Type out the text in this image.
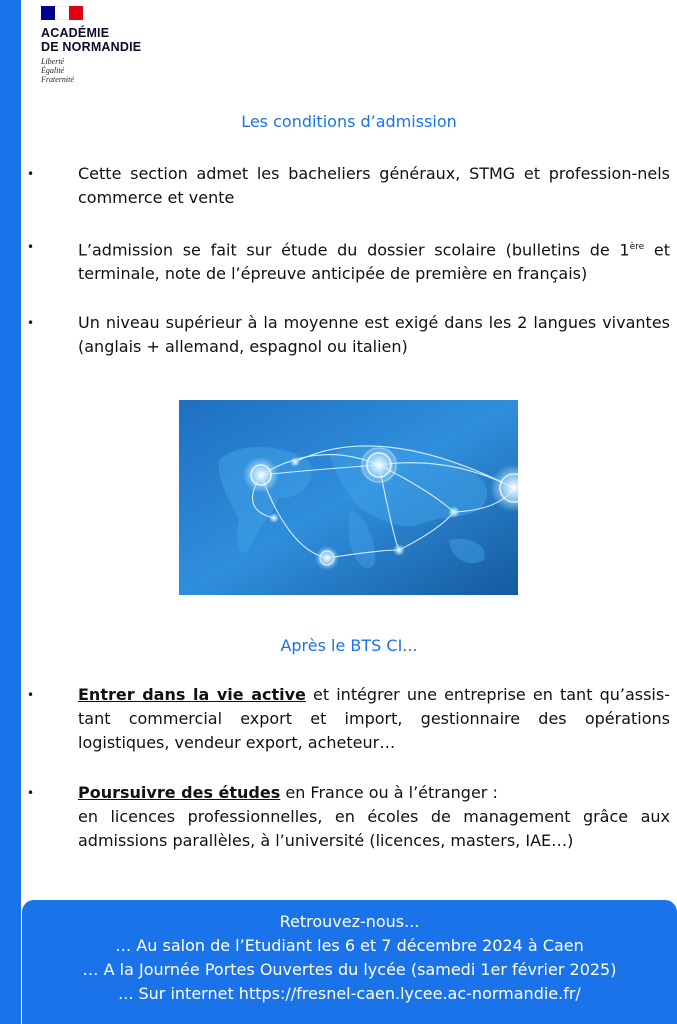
ACADÉMIE
DE NORMANDIE
Liberté
Égalité
Fraternité
Les conditions d’admission
•	Cette section admet les bacheliers généraux, STMG et profession-nels commerce et vente
•	L’admission se fait sur étude du dossier scolaire (bulletins de 1ère et terminale, note de l’épreuve anticipée de première en français)
•	Un niveau supérieur à la moyenne est exigé dans les 2 langues vivantes (anglais + allemand, espagnol ou italien)
Après le BTS CI...
•	Entrer dans la vie active et intégrer une entreprise en tant qu’assis-tant commercial export et import, gestionnaire des opérations logistiques, vendeur export, acheteur…
•	Poursuivre des études en France ou à l’étranger :
en licences professionnelles, en écoles de management grâce aux admissions parallèles, à l’université (licences, masters, IAE…)
Retrouvez-nous...
… Au salon de l’Etudiant les 6 et 7 décembre 2024 à Caen
… A la Journée Portes Ouvertes du lycée (samedi 1er février 2025)
... Sur internet https://fresnel-caen.lycee.ac-normandie.fr/
